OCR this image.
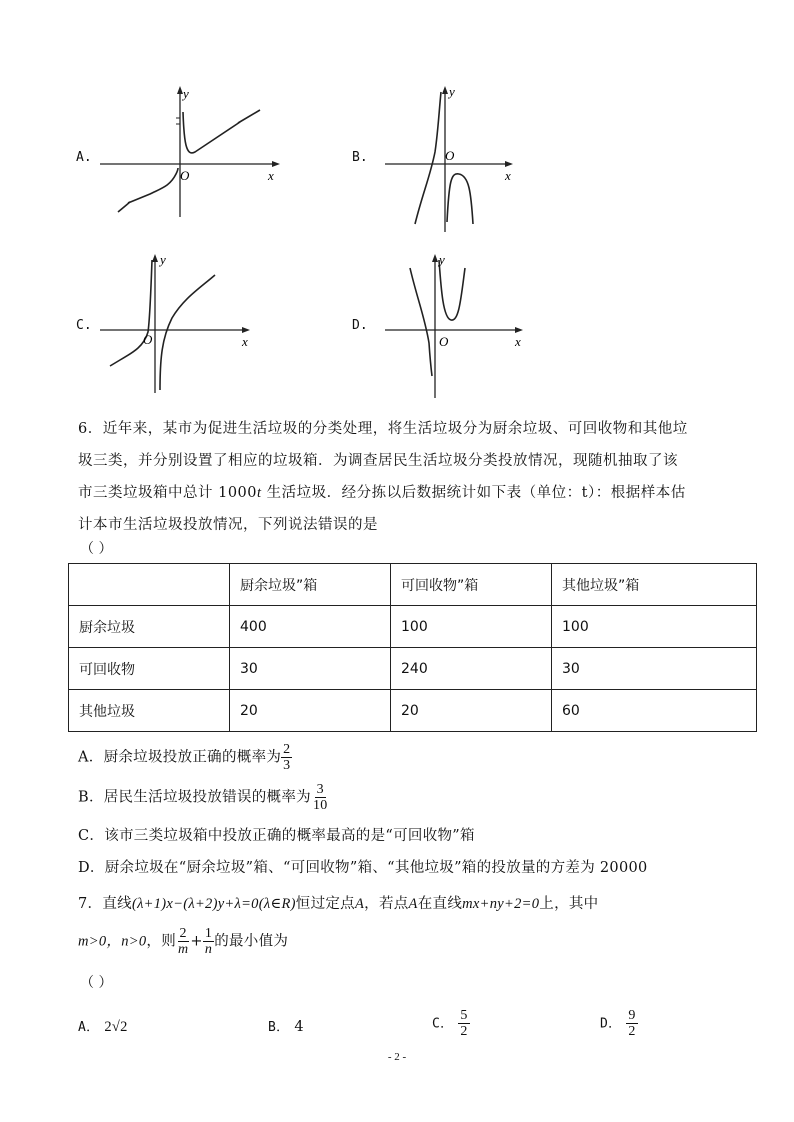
A.
y
x
O
B.
y
x
O
C.
y
x
O
D.
y
x
O
6．近年来，某市为促进生活垃圾的分类处理，将生活垃圾分为厨余垃圾、可回收物和其他垃
圾三类，并分别设置了相应的垃圾箱．为调查居民生活垃圾分类投放情况，现随机抽取了该
市三类垃圾箱中总计 1000t 生活垃圾．经分拣以后数据统计如下表（单位：t）：根据样本估
计本市生活垃圾投放情况，下列说法错误的是
（ ）
	厨余垃圾”箱	可回收物”箱	其他垃圾”箱
厨余垃圾	400	100	100
可回收物	30	240	30
其他垃圾	20	20	60
A．厨余垃圾投放正确的概率为 $\frac{2}{3}$
B．居民生活垃圾投放错误的概率为 $\frac{3}{10}$
C．该市三类垃圾箱中投放正确的概率最高的是“可回收物”箱
D．厨余垃圾在“厨余垃圾”箱、“可回收物”箱、“其他垃圾”箱的投放量的方差为 20000
7．直线(λ+1)x−(λ+2)y+λ=0(λ∈R)恒过定点A，若点A在直线mx+ny+2=0上，其中
m>0，n>0，则 $\frac{2}{m} + \frac{1}{n}$ 的最小值为
（ ）
A． 2√2	B． 4	C． $\frac{5}{2}$	D． $\frac{9}{2}$
- 2 -
